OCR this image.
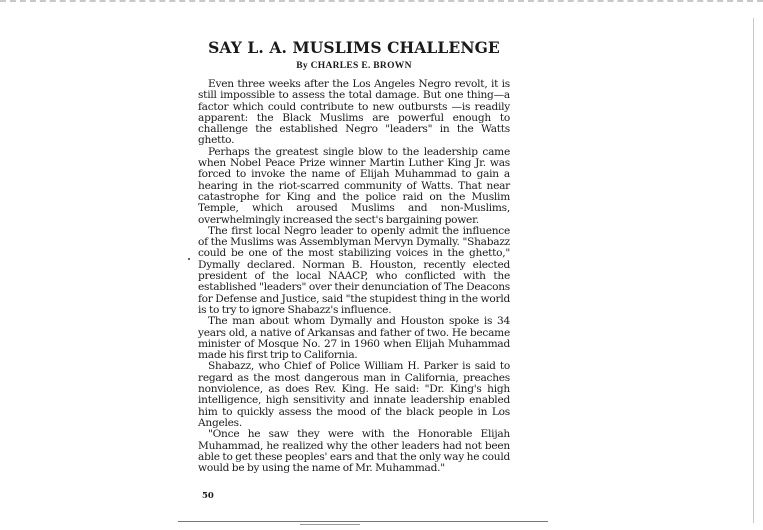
SAY L. A. MUSLIMS CHALLENGE
By CHARLES E. BROWN

Even three weeks after the Los Angeles Negro revolt, it is still impossible to assess the total damage. But one thing—a factor which could contribute to new outbursts —is readily apparent: the Black Muslims are powerful enough to challenge the established Negro "leaders" in the Watts ghetto.

Perhaps the greatest single blow to the leadership came when Nobel Peace Prize winner Martin Luther King Jr. was forced to invoke the name of Elijah Muhammad to gain a hearing in the riot-scarred community of Watts. That near catastrophe for King and the police raid on the Muslim Temple, which aroused Muslims and non-Muslims, overwhelmingly increased the sect's bargaining power.

The first local Negro leader to openly admit the influence of the Muslims was Assemblyman Mervyn Dymally. "Shabazz could be one of the most stabilizing voices in the ghetto," Dymally declared. Norman B. Houston, recently elected president of the local NAACP, who conflicted with the established "leaders" over their denunciation of The Deacons for Defense and Justice, said "the stupidest thing in the world is to try to ignore Shabazz's influence.

The man about whom Dymally and Houston spoke is 34 years old, a native of Arkansas and father of two. He became minister of Mosque No. 27 in 1960 when Elijah Muhammad made his first trip to California.

Shabazz, who Chief of Police William H. Parker is said to regard as the most dangerous man in California, preaches nonviolence, as does Rev. King. He said: "Dr. King's high intelligence, high sensitivity and innate leadership enabled him to quickly assess the mood of the black people in Los Angeles.

"Once he saw they were with the Honorable Elijah Muhammad, he realized why the other leaders had not been able to get these peoples' ears and that the only way he could would be by using the name of Mr. Muhammad."

50
